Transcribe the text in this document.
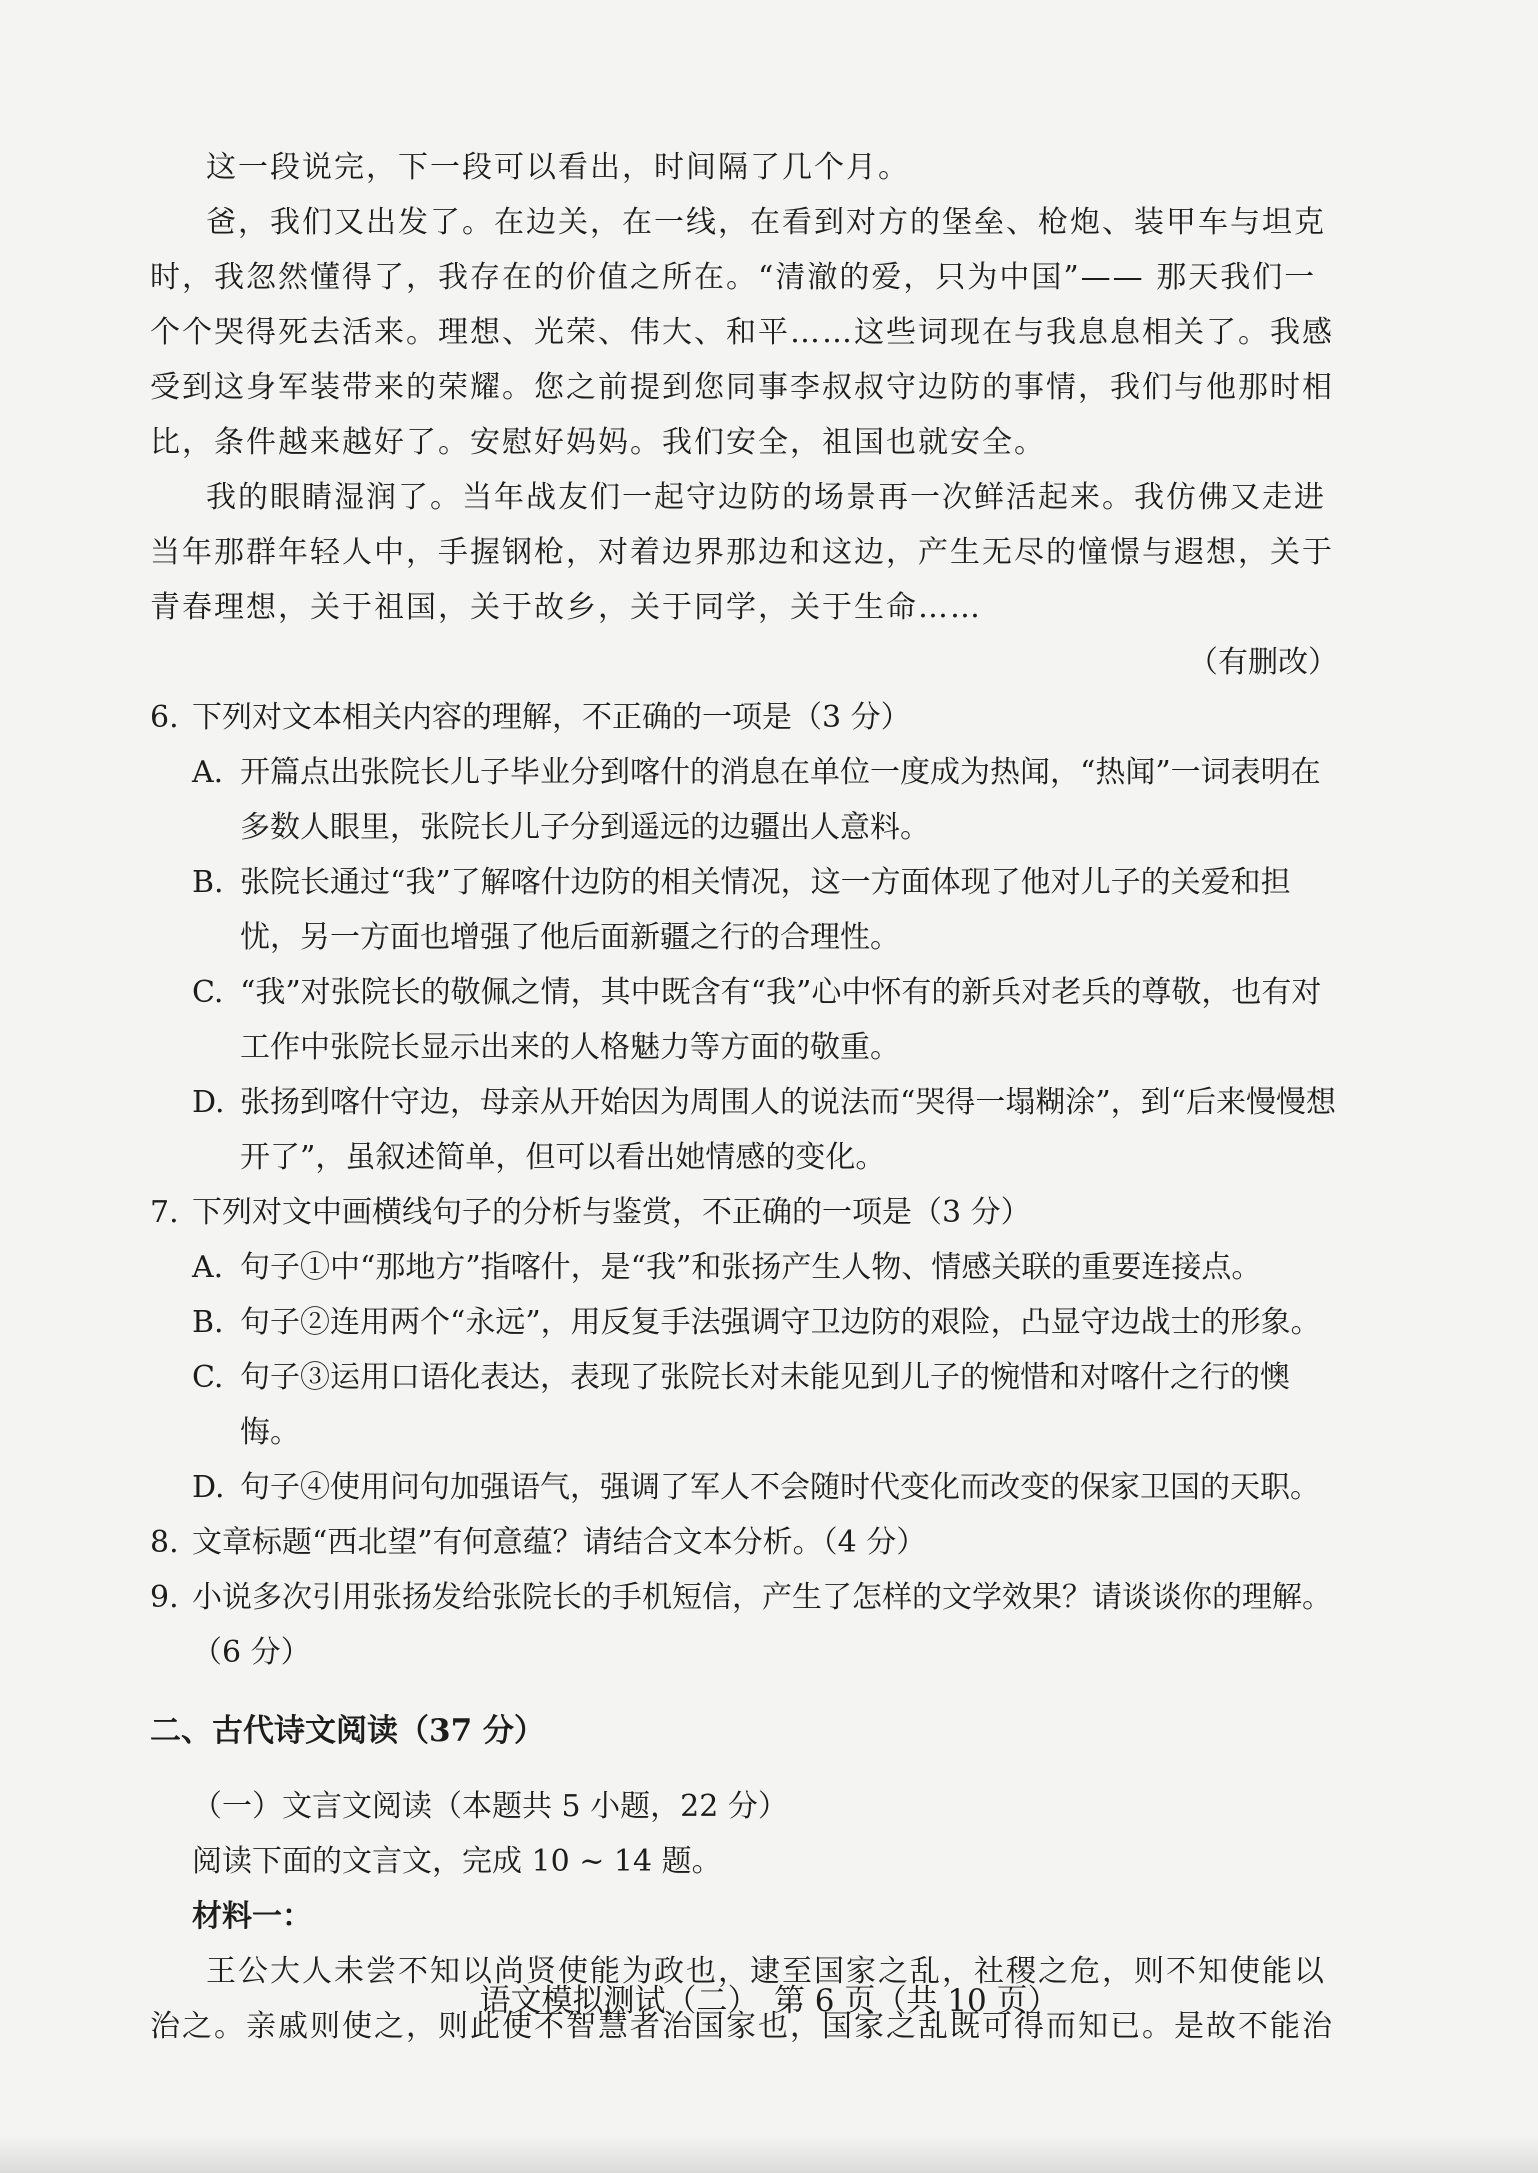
这一段说完，下一段可以看出，时间隔了几个月。

爸，我们又出发了。在边关，在一线，在看到对方的堡垒、枪炮、装甲车与坦克时，我忽然懂得了，我存在的价值之所在。“清澈的爱，只为中国”—— 那天我们一个个哭得死去活来。理想、光荣、伟大、和平……这些词现在与我息息相关了。我感受到这身军装带来的荣耀。您之前提到您同事李叔叔守边防的事情，我们与他那时相比，条件越来越好了。安慰好妈妈。我们安全，祖国也就安全。

我的眼睛湿润了。当年战友们一起守边防的场景再一次鲜活起来。我仿佛又走进当年那群年轻人中，手握钢枪，对着边界那边和这边，产生无尽的憧憬与遐想，关于青春理想，关于祖国，关于故乡，关于同学，关于生命……

（有删改）

6. 下列对文本相关内容的理解，不正确的一项是（3 分）
A. 开篇点出张院长儿子毕业分到喀什的消息在单位一度成为热闻，“热闻”一词表明在多数人眼里，张院长儿子分到遥远的边疆出人意料。
B. 张院长通过“我”了解喀什边防的相关情况，这一方面体现了他对儿子的关爱和担忧，另一方面也增强了他后面新疆之行的合理性。
C. “我”对张院长的敬佩之情，其中既含有“我”心中怀有的新兵对老兵的尊敬，也有对工作中张院长显示出来的人格魅力等方面的敬重。
D. 张扬到喀什守边，母亲从开始因为周围人的说法而“哭得一塌糊涂”，到“后来慢慢想开了”，虽叙述简单，但可以看出她情感的变化。
7. 下列对文中画横线句子的分析与鉴赏，不正确的一项是（3 分）
A. 句子①中“那地方”指喀什，是“我”和张扬产生人物、情感关联的重要连接点。
B. 句子②连用两个“永远”，用反复手法强调守卫边防的艰险，凸显守边战士的形象。
C. 句子③运用口语化表达，表现了张院长对未能见到儿子的惋惜和对喀什之行的懊悔。
D. 句子④使用问句加强语气，强调了军人不会随时代变化而改变的保家卫国的天职。
8. 文章标题“西北望”有何意蕴？请结合文本分析。（4 分）
9. 小说多次引用张扬发给张院长的手机短信，产生了怎样的文学效果？请谈谈你的理解。（6 分）
二、古代诗文阅读（37 分）
（一）文言文阅读（本题共 5 小题，22 分）
阅读下面的文言文，完成 10 ~ 14 题。
材料一：

王公大人未尝不知以尚贤使能为政也，逮至国家之乱，社稷之危，则不知使能以治之。亲戚则使之，则此使不智慧者治国家也，国家之乱既可得而知已。是故不能治

语文模拟测试（二）　第 6 页（共 10 页）
